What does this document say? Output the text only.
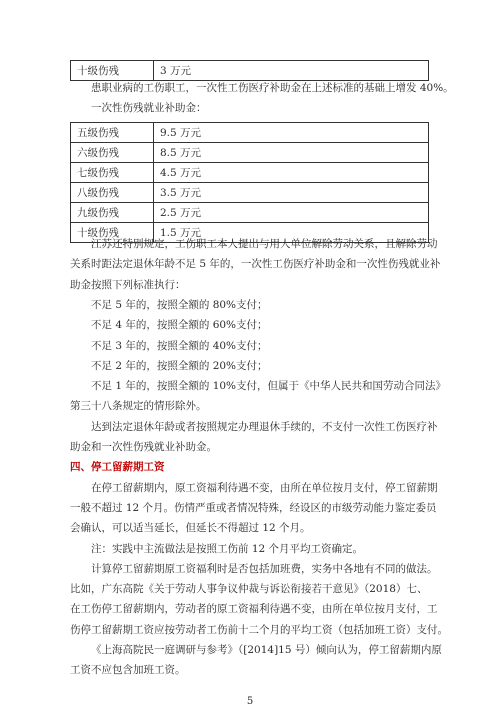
十级伤残	3 万元
患职业病的工伤职工，一次性工伤医疗补助金在上述标准的基础上增发 40%。
一次性伤残就业补助金：
五级伤残	9.5 万元
六级伤残	8.5 万元
七级伤残	4.5 万元
八级伤残	3.5 万元
九级伤残	2.5 万元
十级伤残	1.5 万元
江苏还特别规定，工伤职工本人提出与用人单位解除劳动关系，且解除劳动
关系时距法定退休年龄不足 5 年的，一次性工伤医疗补助金和一次性伤残就业补
助金按照下列标准执行：
不足 5 年的，按照全额的 80%支付；
不足 4 年的，按照全额的 60%支付；
不足 3 年的，按照全额的 40%支付；
不足 2 年的，按照全额的 20%支付；
不足 1 年的，按照全额的 10%支付，但属于《中华人民共和国劳动合同法》
第三十八条规定的情形除外。
达到法定退休年龄或者按照规定办理退休手续的，不支付一次性工伤医疗补
助金和一次性伤残就业补助金。
四、停工留薪期工资
在停工留薪期内，原工资福利待遇不变，由所在单位按月支付，停工留薪期
一般不超过 12 个月。伤情严重或者情况特殊，经设区的市级劳动能力鉴定委员
会确认，可以适当延长，但延长不得超过 12 个月。
注：实践中主流做法是按照工伤前 12 个月平均工资确定。
计算停工留薪期原工资福利时是否包括加班费，实务中各地有不同的做法。
比如，广东高院《关于劳动人事争议仲裁与诉讼衔接若干意见》（2018）七、
在工伤停工留薪期内，劳动者的原工资福利待遇不变，由所在单位按月支付，工
伤停工留薪期工资应按劳动者工伤前十二个月的平均工资（包括加班工资）支付。
《上海高院民一庭调研与参考》（[2014]15 号）倾向认为，停工留薪期内原
工资不应包含加班工资。
5
